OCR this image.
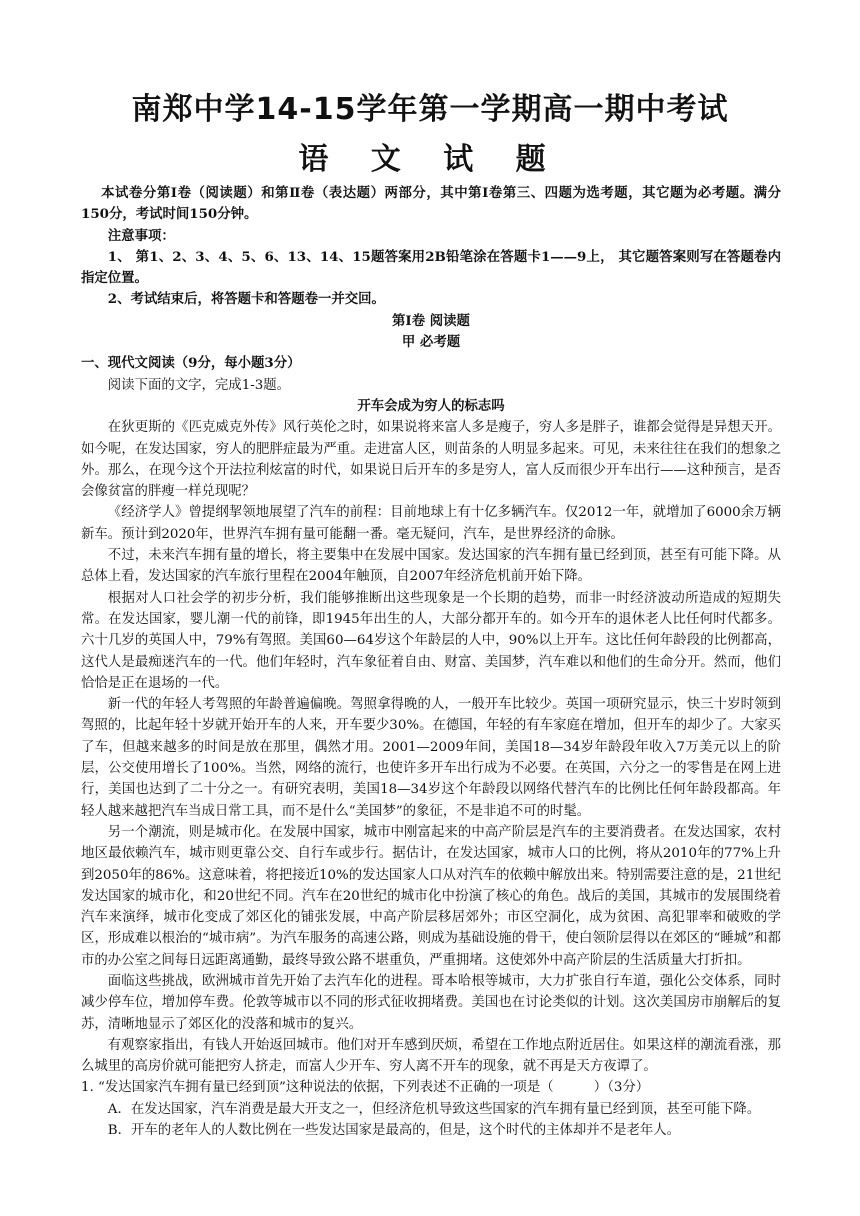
南郑中学14-15学年第一学期高一期中考试
语 文 试 题

本试卷分第Ⅰ卷（阅读题）和第Ⅱ卷（表达题）两部分，其中第Ⅰ卷第三、四题为选考题，其它题为必考题。满分150分，考试时间150分钟。

注意事项：

1、 第1、2、3、4、5、6、13、14、15题答案用2B铅笔涂在答题卡1——9上， 其它题答案则写在答题卷内指定位置。

2、考试结束后，将答题卡和答题卷一并交回。

第Ⅰ卷 阅读题

甲 必考题

一、现代文阅读（9分，每小题3分）

阅读下面的文字，完成1-3题。

开车会成为穷人的标志吗

在狄更斯的《匹克威克外传》风行英伦之时，如果说将来富人多是瘦子，穷人多是胖子，谁都会觉得是异想天开。如今呢，在发达国家，穷人的肥胖症最为严重。走进富人区，则苗条的人明显多起来。可见，未来往往在我们的想象之外。那么，在现今这个开法拉利炫富的时代，如果说日后开车的多是穷人，富人反而很少开车出行——这种预言，是否会像贫富的胖瘦一样兑现呢？

《经济学人》曾提纲挈领地展望了汽车的前程：目前地球上有十亿多辆汽车。仅2012一年，就增加了6000余万辆新车。预计到2020年，世界汽车拥有量可能翻一番。毫无疑问，汽车，是世界经济的命脉。

不过，未来汽车拥有量的增长，将主要集中在发展中国家。发达国家的汽车拥有量已经到顶，甚至有可能下降。从总体上看，发达国家的汽车旅行里程在2004年触顶，自2007年经济危机前开始下降。

根据对人口社会学的初步分析，我们能够推断出这些现象是一个长期的趋势，而非一时经济波动所造成的短期失常。在发达国家，婴儿潮一代的前锋，即1945年出生的人，大部分都开车的。如今开车的退休老人比任何时代都多。六十几岁的英国人中，79%有驾照。美国60—64岁这个年龄层的人中，90%以上开车。这比任何年龄段的比例都高，这代人是最痴迷汽车的一代。他们年轻时，汽车象征着自由、财富、美国梦，汽车难以和他们的生命分开。然而，他们恰恰是正在退场的一代。

新一代的年轻人考驾照的年龄普遍偏晚。驾照拿得晚的人，一般开车比较少。英国一项研究显示，快三十岁时领到驾照的，比起年轻十岁就开始开车的人来，开车要少30%。在德国，年轻的有车家庭在增加，但开车的却少了。大家买了车，但越来越多的时间是放在那里，偶然才用。2001—2009年间，美国18—34岁年龄段年收入7万美元以上的阶层，公交使用增长了100%。当然，网络的流行，也使许多开车出行成为不必要。在英国，六分之一的零售是在网上进行，美国也达到了二十分之一。有研究表明，美国18—34岁这个年龄段以网络代替汽车的比例比任何年龄段都高。年轻人越来越把汽车当成日常工具，而不是什么“美国梦”的象征，不是非追不可的时髦。

另一个潮流，则是城市化。在发展中国家，城市中刚富起来的中高产阶层是汽车的主要消费者。在发达国家，农村地区最依赖汽车，城市则更靠公交、自行车或步行。据估计，在发达国家，城市人口的比例，将从2010年的77%上升到2050年的86%。这意味着，将把接近10%的发达国家人口从对汽车的依赖中解放出来。特别需要注意的是，21世纪发达国家的城市化，和20世纪不同。汽车在20世纪的城市化中扮演了核心的角色。战后的美国，其城市的发展围绕着汽车来演绎，城市化变成了郊区化的铺张发展，中高产阶层移居郊外；市区空洞化，成为贫困、高犯罪率和破败的学区，形成难以根治的“城市病”。为汽车服务的高速公路，则成为基础设施的骨干，使白领阶层得以在郊区的“睡城”和都市的办公室之间每日远距离通勤，最终导致公路不堪重负，严重拥堵。这使郊外中高产阶层的生活质量大打折扣。

面临这些挑战，欧洲城市首先开始了去汽车化的进程。哥本哈根等城市，大力扩张自行车道，强化公交体系，同时减少停车位，增加停车费。伦敦等城市以不同的形式征收拥堵费。美国也在讨论类似的计划。这次美国房市崩解后的复苏，清晰地显示了郊区化的没落和城市的复兴。

有观察家指出，有钱人开始返回城市。他们对开车感到厌烦，希望在工作地点附近居住。如果这样的潮流看涨，那么城里的高房价就可能把穷人挤走，而富人少开车、穷人离不开车的现象，就不再是天方夜谭了。

1. “发达国家汽车拥有量已经到顶”这种说法的依据，下列表述不正确的一项是（　　　）（3分）

A．在发达国家，汽车消费是最大开支之一，但经济危机导致这些国家的汽车拥有量已经到顶，甚至可能下降。

B．开车的老年人的人数比例在一些发达国家是最高的，但是，这个时代的主体却并不是老年人。
